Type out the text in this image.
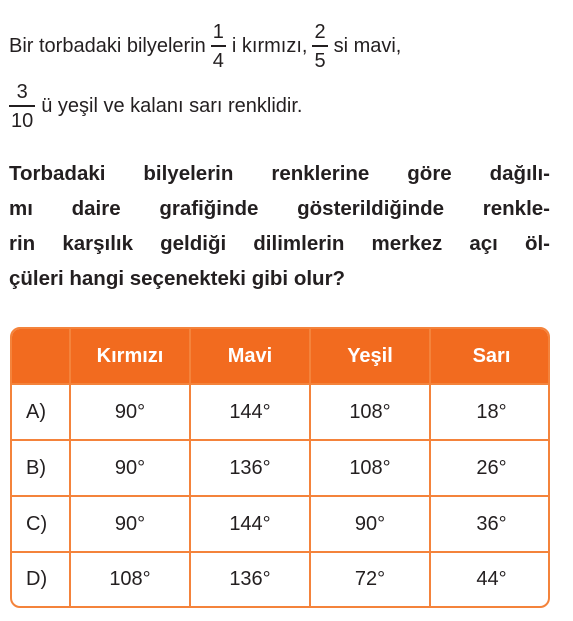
Bir torbadaki bilyelerin $\frac{1}{4}$ i kırmızı, $\frac{2}{5}$ si mavi,
$\frac{3}{10}$ ü yeşil ve kalanı sarı renklidir.
Torbadaki bilyelerin renklerine göre dağılı-
mı daire grafiğinde gösterildiğinde renkle-
rin karşılık geldiği dilimlerin merkez açı öl-
çüleri hangi seçenekteki gibi olur?
	Kırmızı	Mavi	Yeşil	Sarı
A)	90°	144°	108°	18°
B)	90°	136°	108°	26°
C)	90°	144°	90°	36°
D)	108°	136°	72°	44°
